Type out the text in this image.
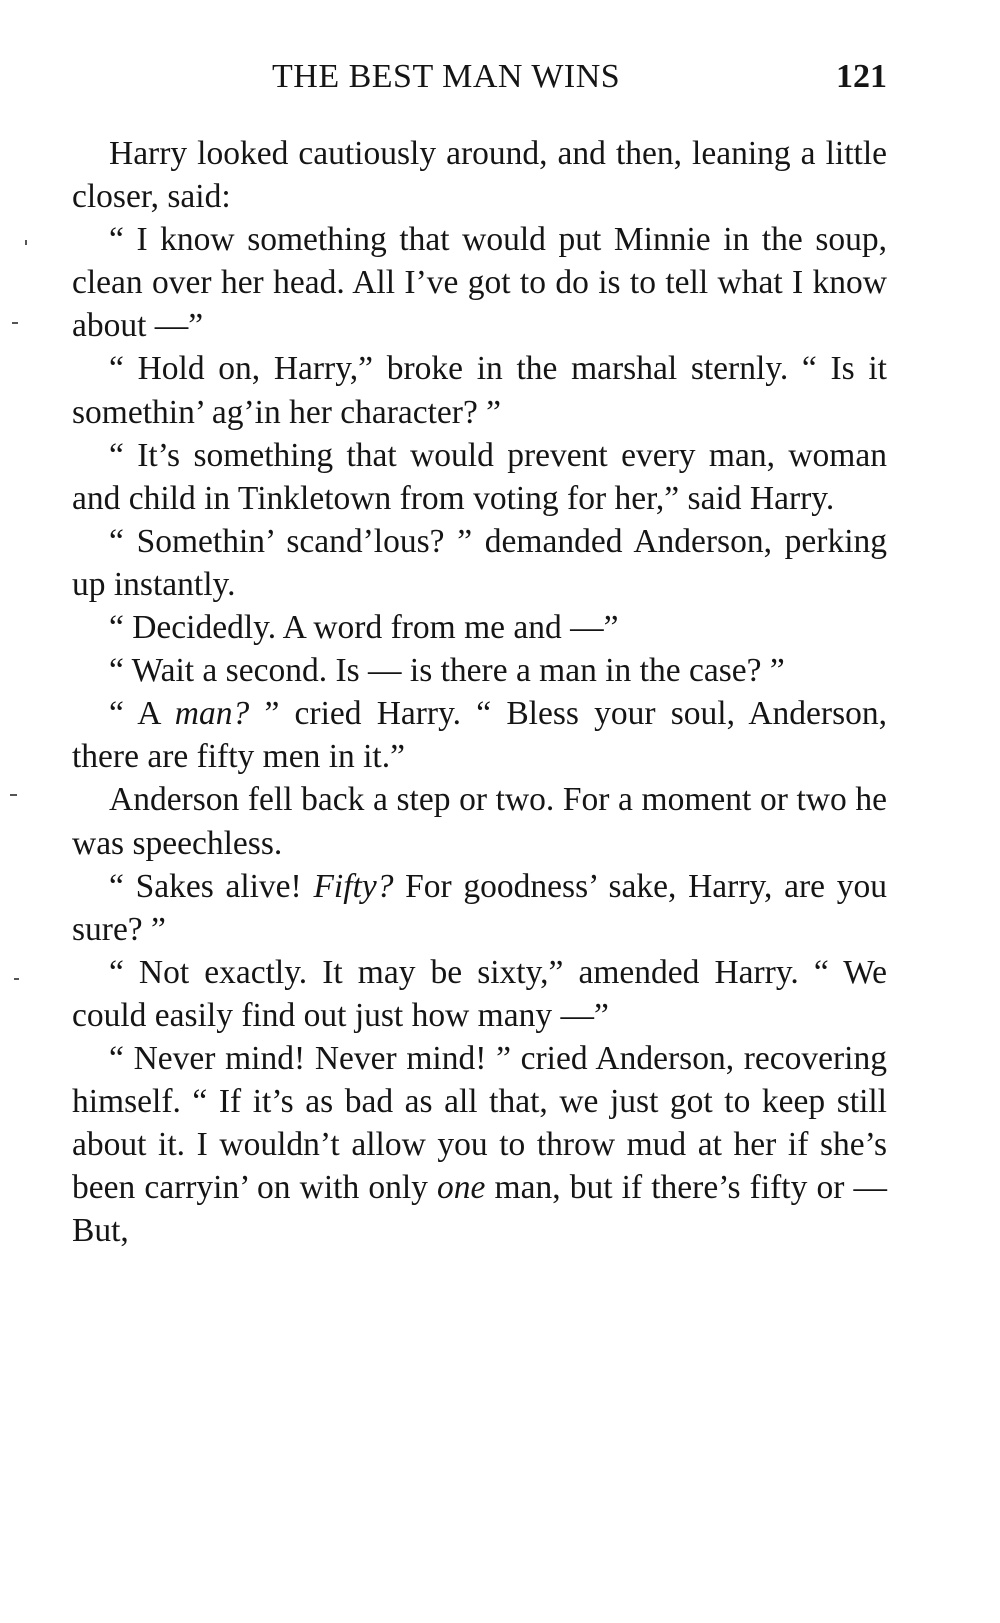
THE BEST MAN WINS	121

Harry looked cautiously around, and then, leaning a little closer, said:

“ I know something that would put Minnie in the soup, clean over her head. All I’ve got to do is to tell what I know about —”

“ Hold on, Harry,” broke in the marshal sternly. “ Is it somethin’ ag’in her character? ”

“ It’s something that would prevent every man, woman and child in Tinkletown from voting for her,” said Harry.

“ Somethin’ scand’lous? ” demanded Anderson, perking up instantly.

“ Decidedly. A word from me and —”

“ Wait a second. Is — is there a man in the case? ”

“ A man? ” cried Harry. “ Bless your soul, Anderson, there are fifty men in it.”

Anderson fell back a step or two. For a moment or two he was speechless.

“ Sakes alive! Fifty? For goodness’ sake, Harry, are you sure? ”

“ Not exactly. It may be sixty,” amended Harry. “ We could easily find out just how many —”

“ Never mind! Never mind! ” cried Anderson, recovering himself. “ If it’s as bad as all that, we just got to keep still about it. I wouldn’t allow you to throw mud at her if she’s been carryin’ on with only one man, but if there’s fifty or — But,
